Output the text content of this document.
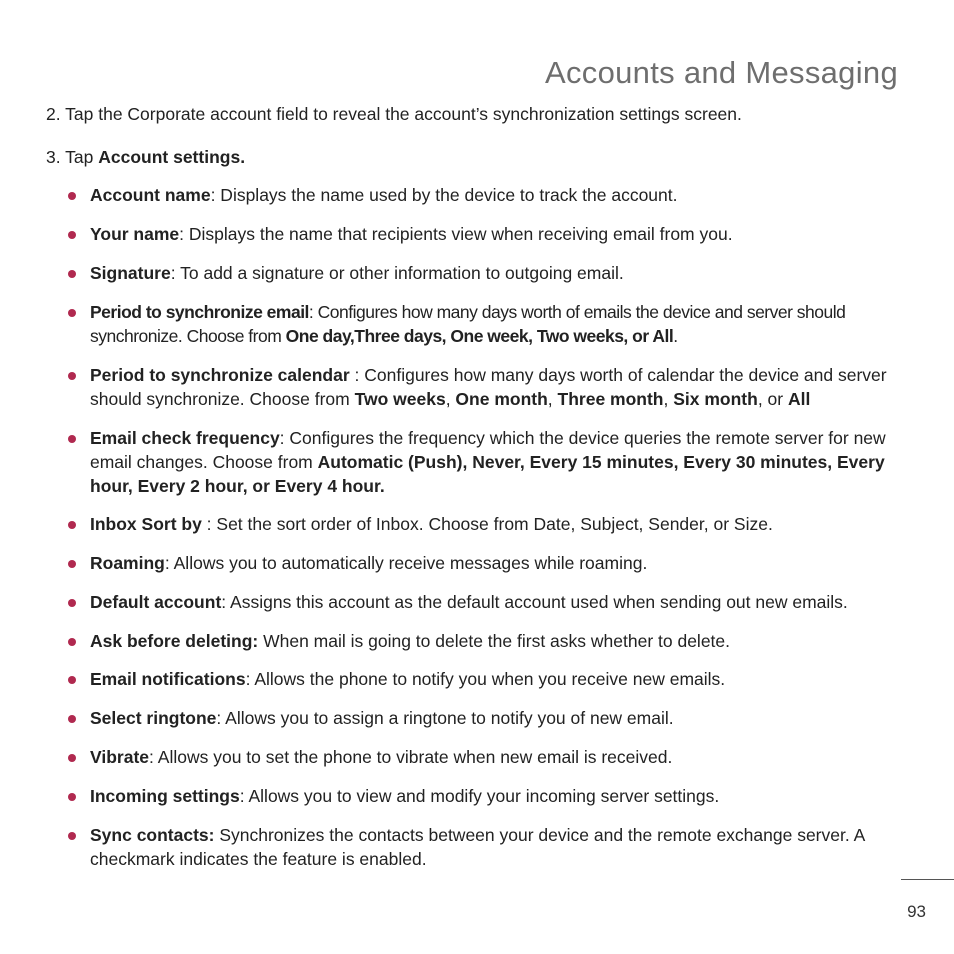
Accounts and Messaging
2. Tap the Corporate account field to reveal the account’s synchronization settings screen.
3. Tap Account settings.
Account name: Displays the name used by the device to track the account.
Your name: Displays the name that recipients view when receiving email from you.
Signature: To add a signature or other information to outgoing email.
Period to synchronize email: Configures how many days worth of emails the device and server should synchronize. Choose from One day,Three days, One week, Two weeks, or All.
Period to synchronize calendar : Configures how many days worth of calendar the device and server should synchronize. Choose from Two weeks, One month, Three month, Six month, or All
Email check frequency: Configures the frequency which the device queries the remote server for new email changes. Choose from Automatic (Push), Never, Every 15 minutes, Every 30 minutes, Every hour, Every 2 hour, or Every 4 hour.
Inbox Sort by : Set the sort order of Inbox. Choose from Date, Subject, Sender, or Size.
Roaming: Allows you to automatically receive messages while roaming.
Default account: Assigns this account as the default account used when sending out new emails.
Ask before deleting: When mail is going to delete the first asks whether to delete.
Email notifications: Allows the phone to notify you when you receive new emails.
Select ringtone: Allows you to assign a ringtone to notify you of new email.
Vibrate: Allows you to set the phone to vibrate when new email is received.
Incoming settings: Allows you to view and modify your incoming server settings.
Sync contacts: Synchronizes the contacts between your device and the remote exchange server. A checkmark indicates the feature is enabled.
93
